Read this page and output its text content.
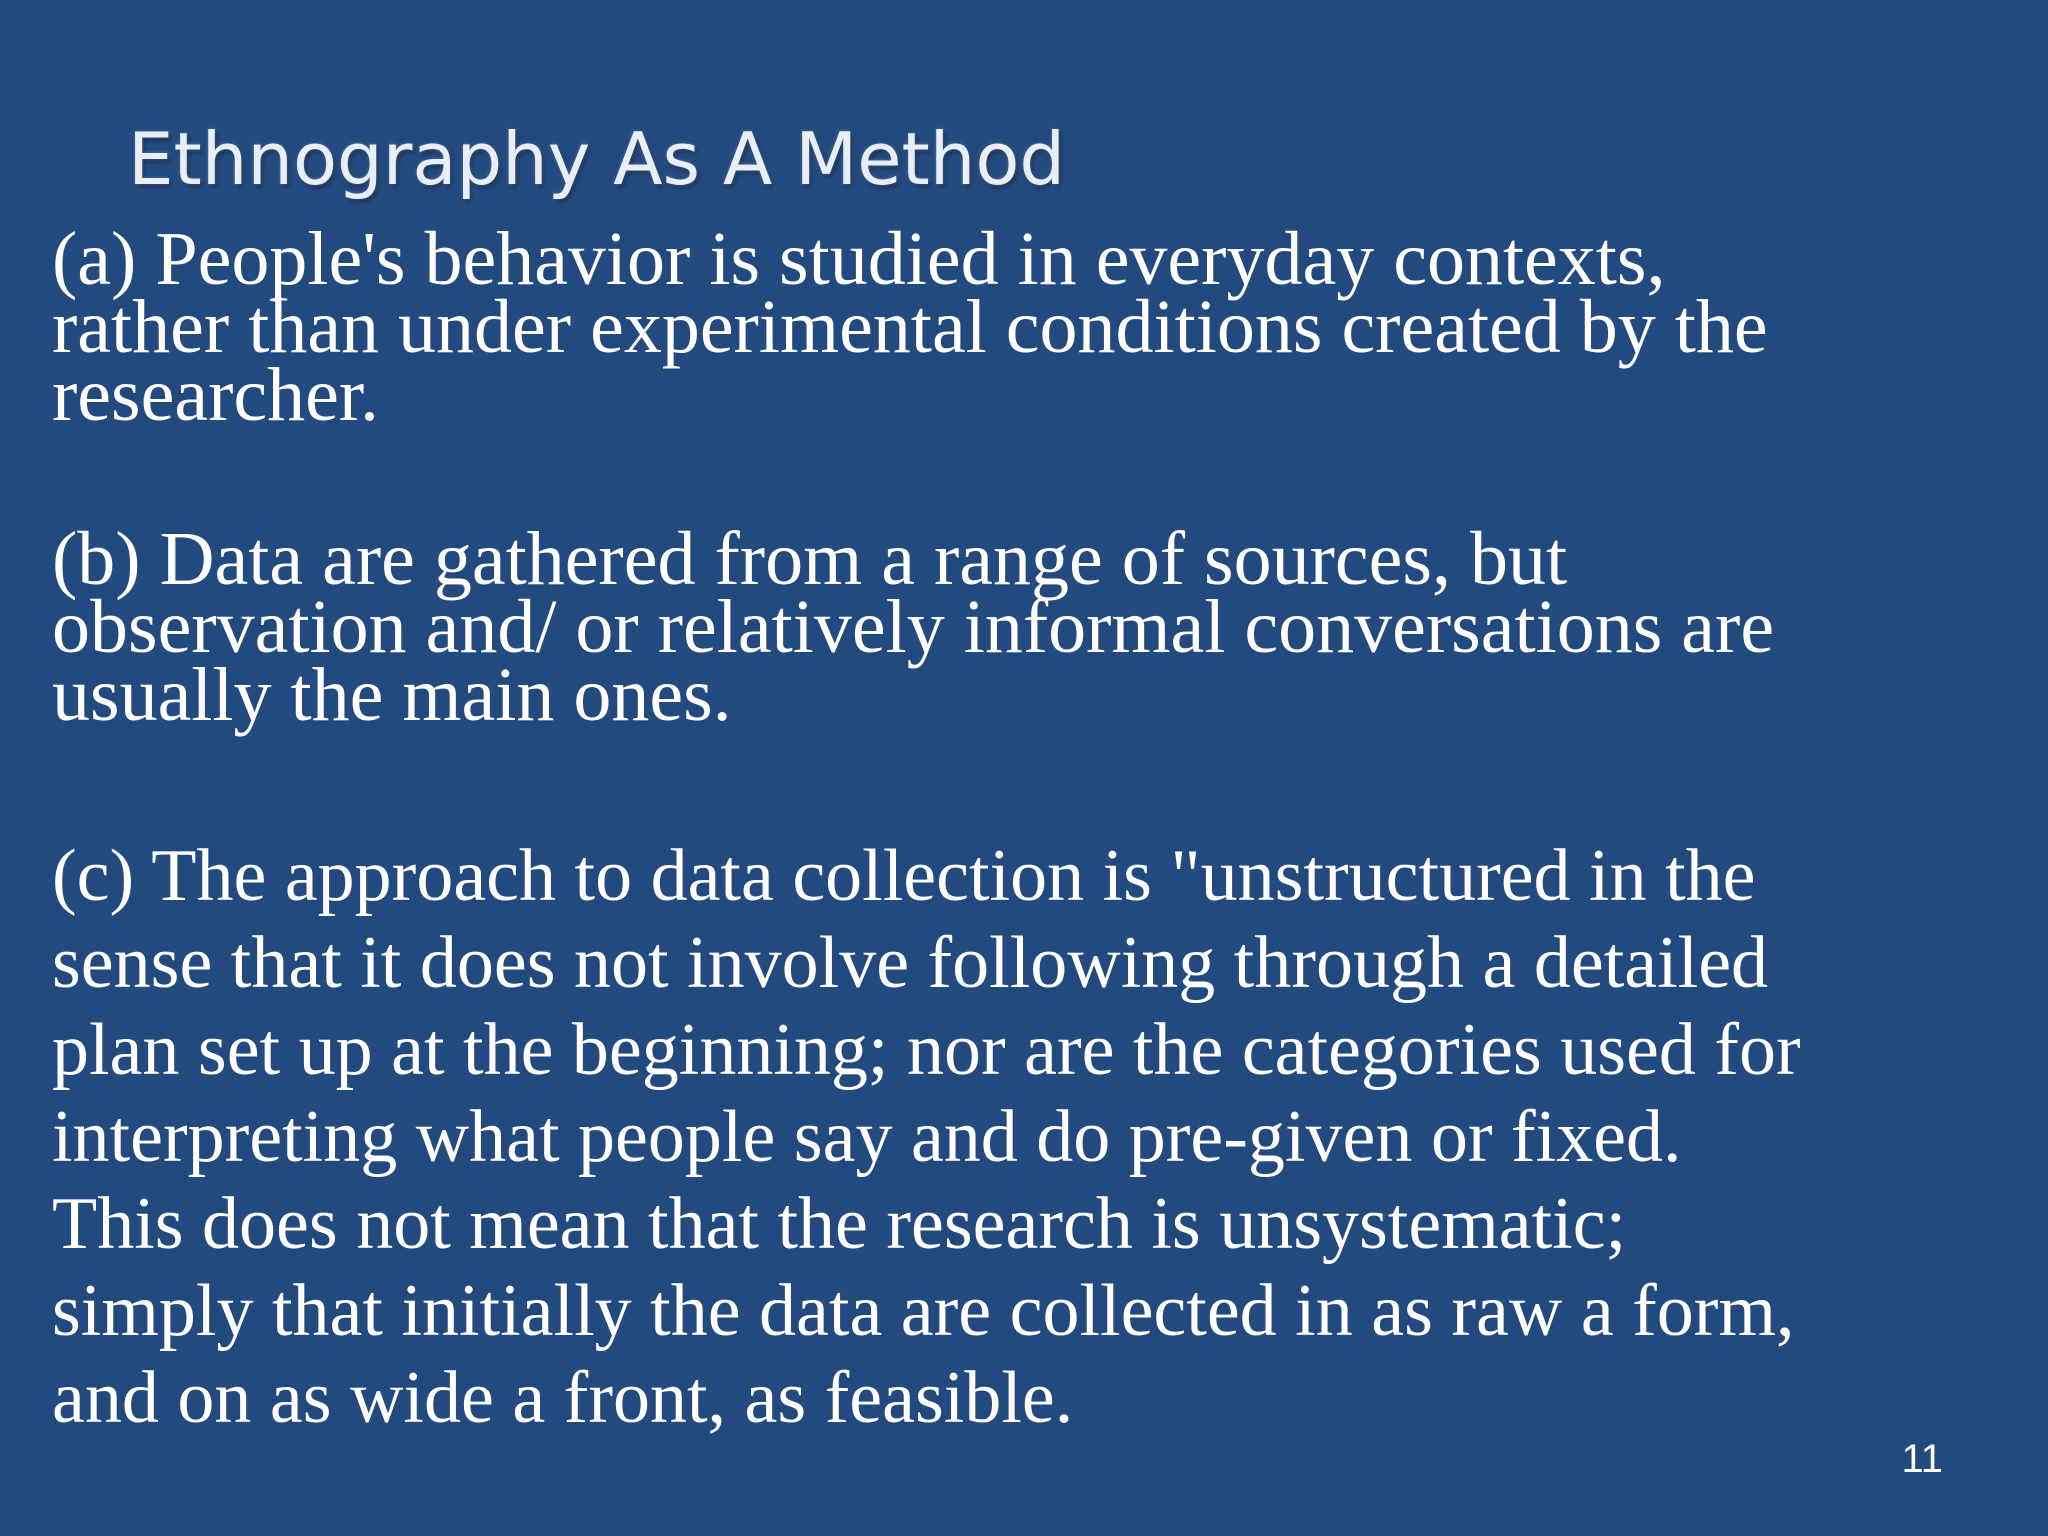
Ethnography As A Method

(a) People's behavior is studied in everyday contexts,
rather than under experimental conditions created by the
researcher.

(b) Data are gathered from a range of sources, but
observation and/ or relatively informal conversations are
usually the main ones.

(c) The approach to data collection is "unstructured in the
sense that it does not involve following through a detailed
plan set up at the beginning; nor are the categories used for
interpreting what people say and do pre-given or fixed.
This does not mean that the research is unsystematic;
simply that initially the data are collected in as raw a form,
and on as wide a front, as feasible.

11
